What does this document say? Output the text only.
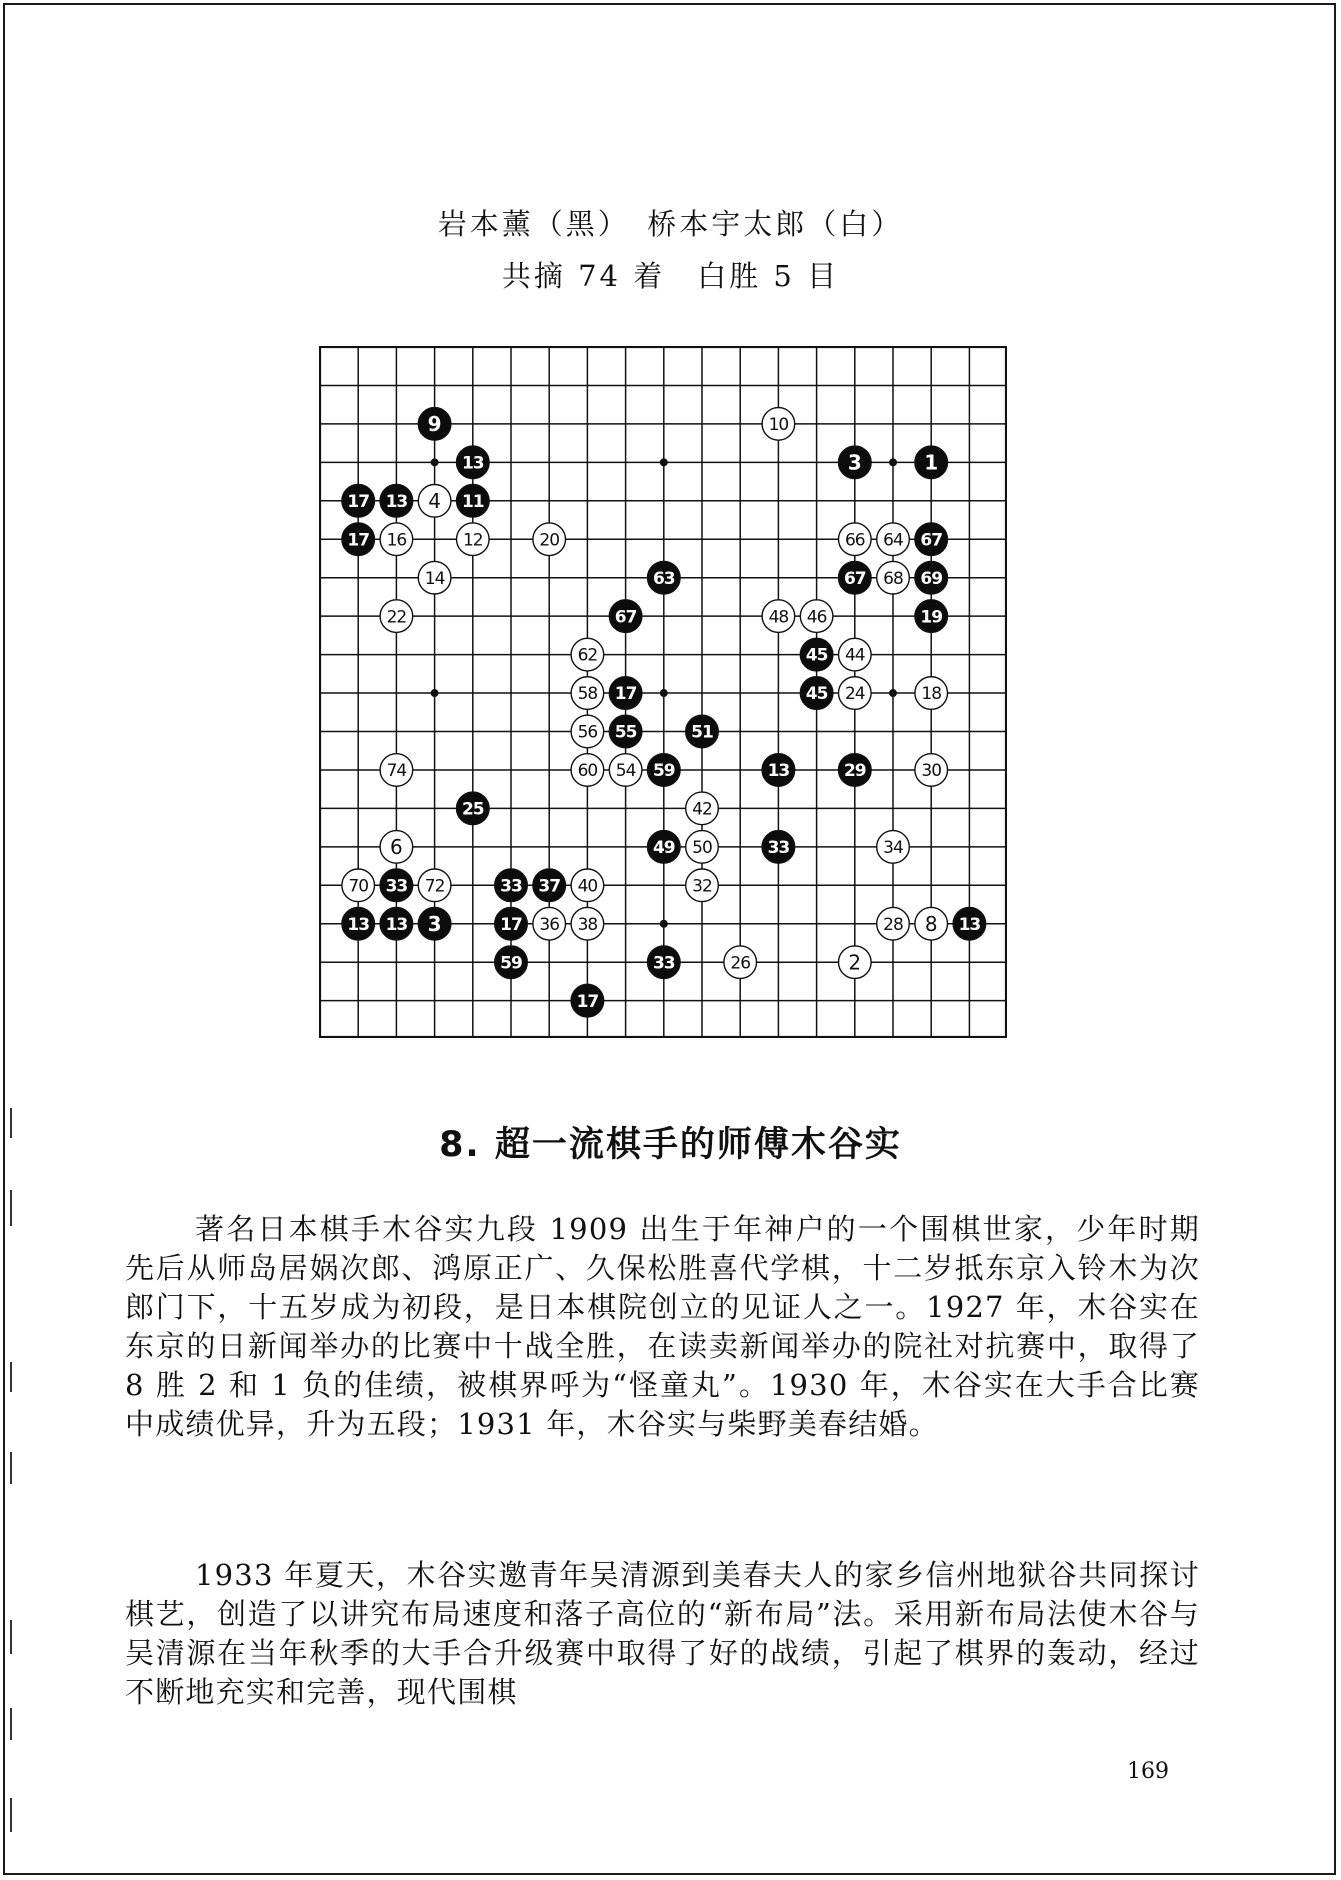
岩本薰（黑）　桥本宇太郎（白）
共摘 74 着　白胜 5 目
9	10
13	3	1
17 13 4 11
17 16	12	20	66 64 67
14	63	67 68 69
22	67	48 46	19
62	45 44
58 17	45 24	18
56 55	51
74	60 54 59	13	29	30
25	42
6	49 50	33	34
70 33 72	33 37 40	32
13 13 3	17 36 38	28 8 13
59	33	26	2
17
8. 超一流棋手的师傅木谷实

著名日本棋手木谷实九段 1909 出生于年神户的一个围棋世家，少年时期先后从师岛居娲次郎、鸿原正广、久保松胜喜代学棋，十二岁抵东京入铃木为次郎门下，十五岁成为初段，是日本棋院创立的见证人之一。1927 年，木谷实在东京的日新闻举办的比赛中十战全胜，在读卖新闻举办的院社对抗赛中，取得了 8 胜 2 和 1 负的佳绩，被棋界呼为“怪童丸”。1930 年，木谷实在大手合比赛中成绩优异，升为五段；1931 年，木谷实与柴野美春结婚。

1933 年夏天，木谷实邀青年吴清源到美春夫人的家乡信州地狱谷共同探讨棋艺，创造了以讲究布局速度和落子高位的“新布局”法。采用新布局法使木谷与吴清源在当年秋季的大手合升级赛中取得了好的战绩，引起了棋界的轰动，经过不断地充实和完善，现代围棋

169
